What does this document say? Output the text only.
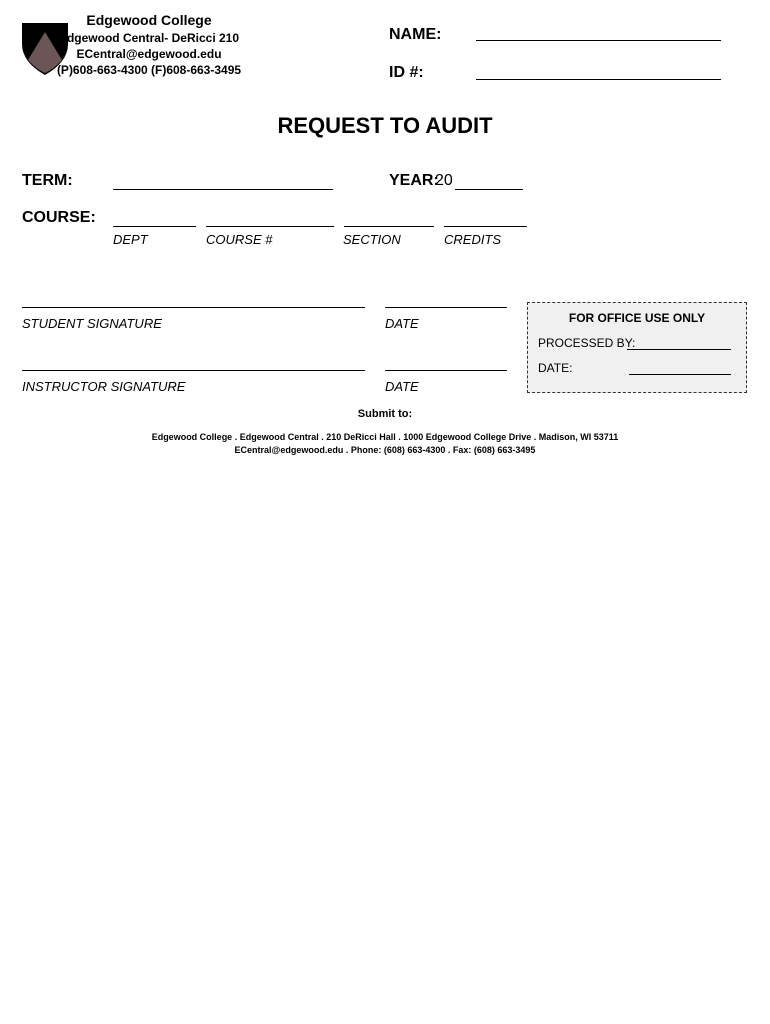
Edgewood College
Edgewood Central- DeRicci 210
ECentral@edgewood.edu
(P)608-663-4300 (F)608-663-3495
NAME:
ID #:
REQUEST TO AUDIT
TERM:	YEAR:
20
COURSE:
DEPT	COURSE #	SECTION	CREDITS
STUDENT SIGNATURE	DATE
INSTRUCTOR SIGNATURE	DATE
FOR OFFICE USE ONLY
PROCESSED BY:
DATE:
Submit to:
Edgewood College . Edgewood Central . 210 DeRicci Hall . 1000 Edgewood College Drive . Madison, WI 53711
ECentral@edgewood.edu . Phone: (608) 663-4300 . Fax: (608) 663-3495
